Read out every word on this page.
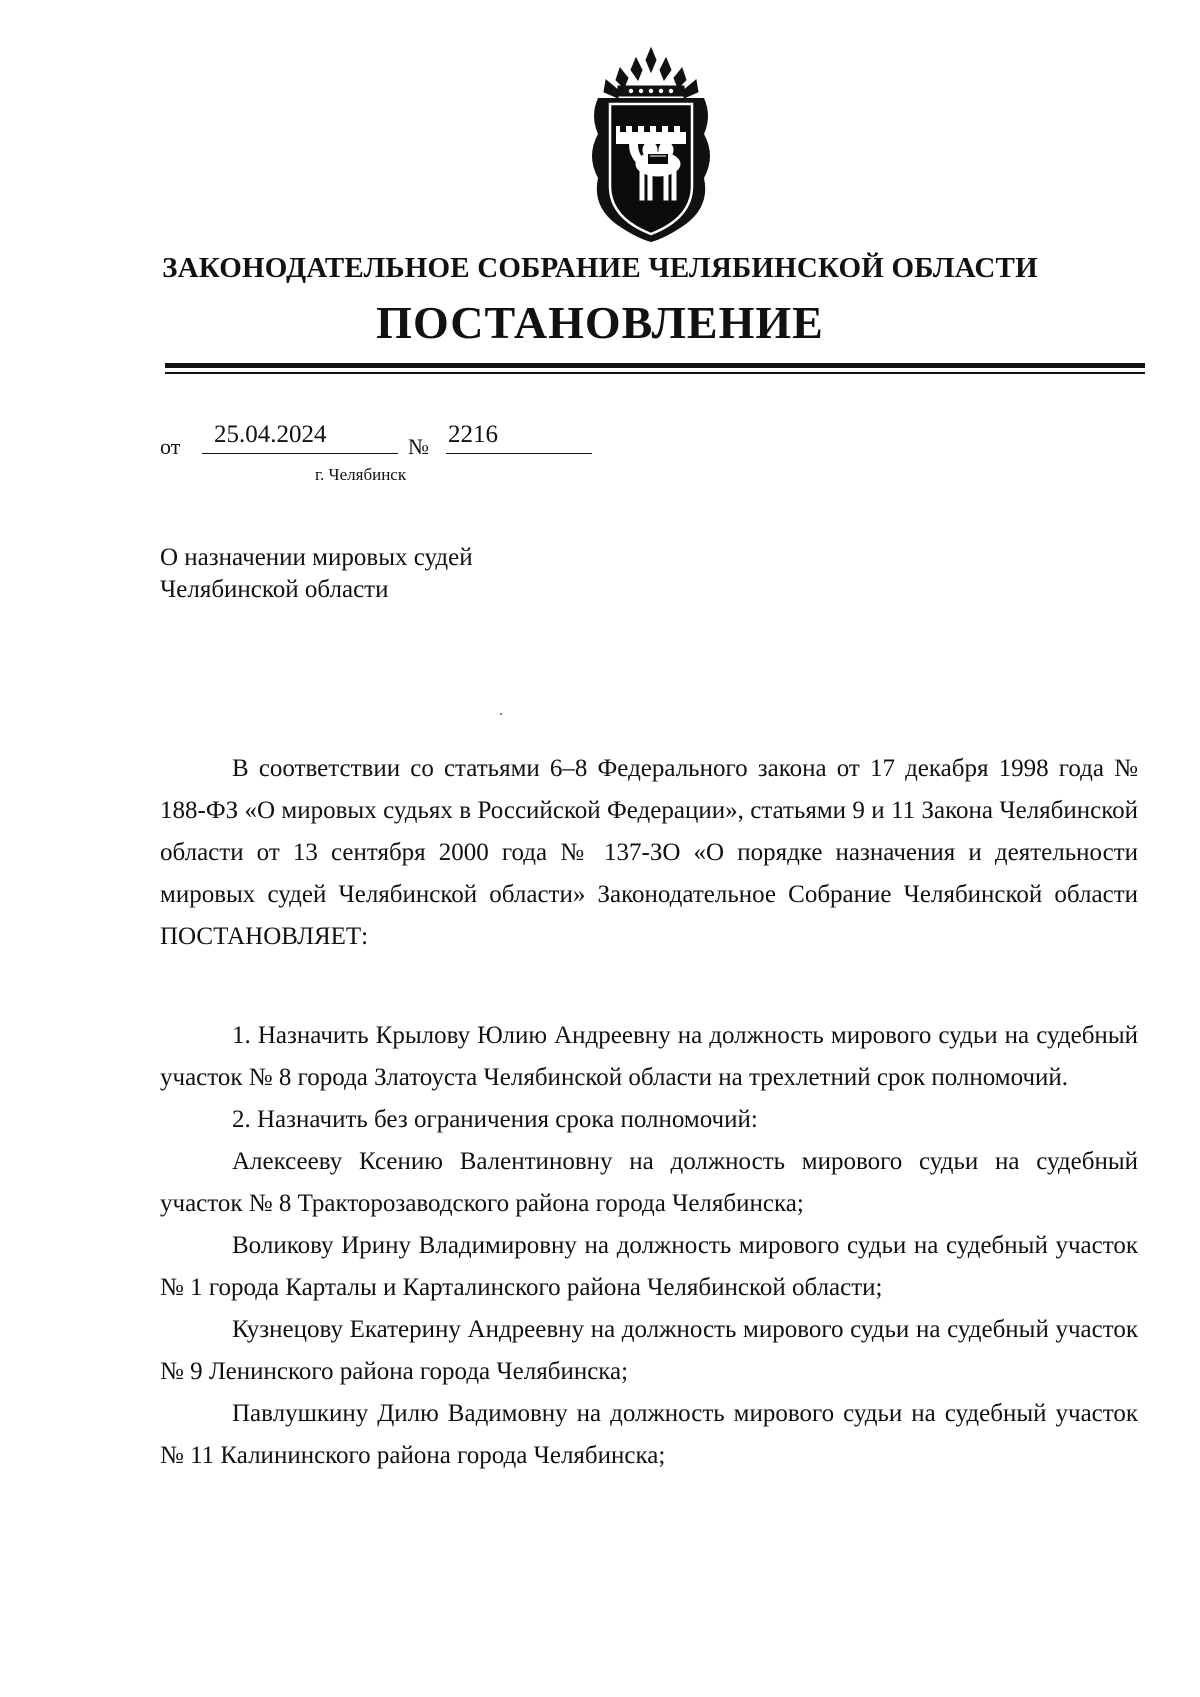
ЗАКОНОДАТЕЛЬНОЕ СОБРАНИЕ ЧЕЛЯБИНСКОЙ ОБЛАСТИ
ПОСТАНОВЛЕНИЕ
от	25.04.2024	№ 2216
г. Челябинск
О назначении мировых судей
Челябинской области

В соответствии со статьями 6–8 Федерального закона от 17 декабря 1998 года № 188-ФЗ «О мировых судьях в Российской Федерации», статьями 9 и 11 Закона Челябинской области от 13 сентября 2000 года № 137-ЗО «О порядке назначения и деятельности мировых судей Челябинской области» Законодательное Собрание Челябинской области ПОСТАНОВЛЯЕТ:

1. Назначить Крылову Юлию Андреевну на должность мирового судьи на судебный участок № 8 города Златоуста Челябинской области на трехлетний срок полномочий.

2. Назначить без ограничения срока полномочий:

Алексееву Ксению Валентиновну на должность мирового судьи на судебный участок № 8 Тракторозаводского района города Челябинска;

Воликову Ирину Владимировну на должность мирового судьи на судебный участок № 1 города Карталы и Карталинского района Челябинской области;

Кузнецову Екатерину Андреевну на должность мирового судьи на судебный участок № 9 Ленинского района города Челябинска;

Павлушкину Дилю Вадимовну на должность мирового судьи на судебный участок № 11 Калининского района города Челябинска;
